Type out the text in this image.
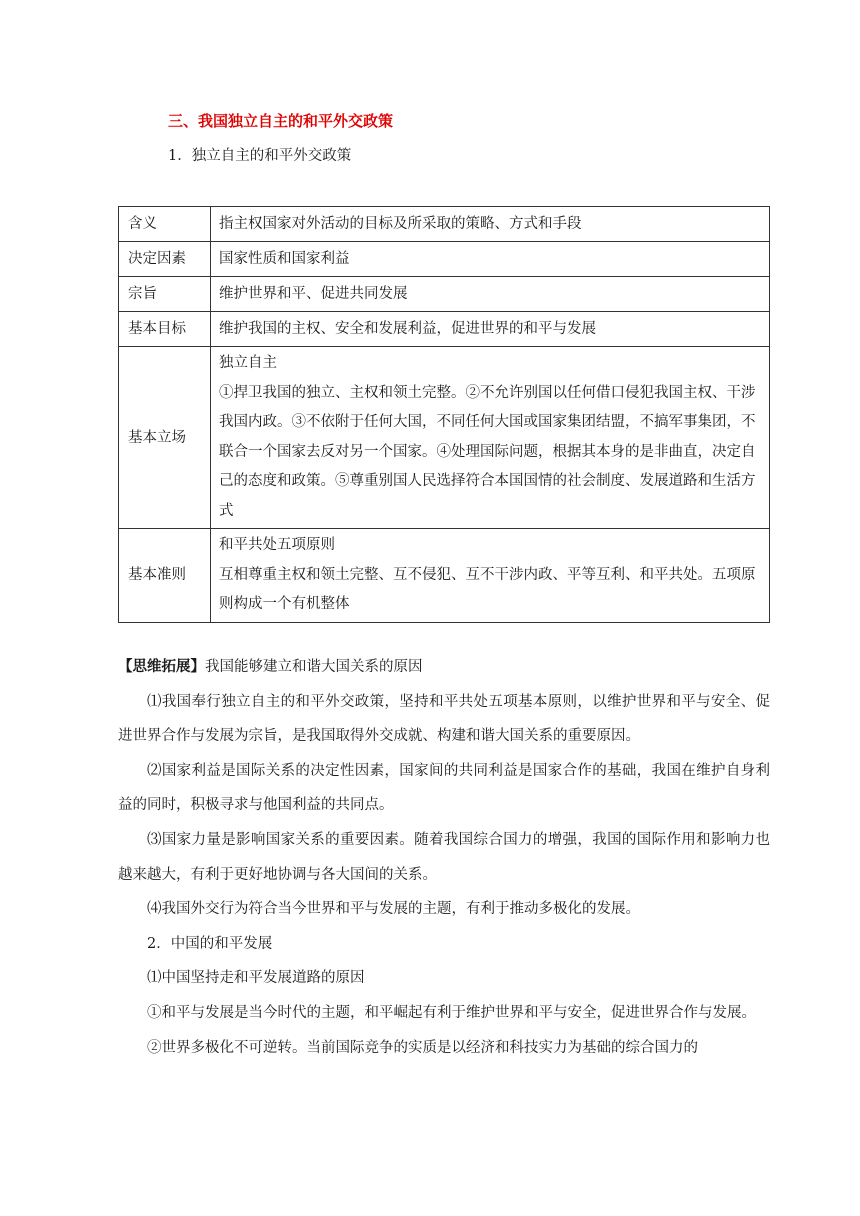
三、我国独立自主的和平外交政策
1．独立自主的和平外交政策
含义	指主权国家对外活动的目标及所采取的策略、方式和手段
决定因素	国家性质和国家利益
宗旨	维护世界和平、促进共同发展
基本目标	维护我国的主权、安全和发展利益，促进世界的和平与发展
基本立场	独立自主
①捍卫我国的独立、主权和领土完整。②不允许别国以任何借口侵犯我国主权、干涉我国内政。③不依附于任何大国，不同任何大国或国家集团结盟，不搞军事集团，不联合一个国家去反对另一个国家。④处理国际问题，根据其本身的是非曲直，决定自己的态度和政策。⑤尊重别国人民选择符合本国国情的社会制度、发展道路和生活方式

基本准则	和平共处五项原则
互相尊重主权和领土完整、互不侵犯、互不干涉内政、平等互利、和平共处。五项原则构成一个有机整体

【思维拓展】我国能够建立和谐大国关系的原因

⑴我国奉行独立自主的和平外交政策，坚持和平共处五项基本原则，以维护世界和平与安全、促进世界合作与发展为宗旨，是我国取得外交成就、构建和谐大国关系的重要原因。

⑵国家利益是国际关系的决定性因素，国家间的共同利益是国家合作的基础，我国在维护自身利益的同时，积极寻求与他国利益的共同点。

⑶国家力量是影响国家关系的重要因素。随着我国综合国力的增强，我国的国际作用和影响力也越来越大，有利于更好地协调与各大国间的关系。

⑷我国外交行为符合当今世界和平与发展的主题，有利于推动多极化的发展。

2．中国的和平发展

⑴中国坚持走和平发展道路的原因

①和平与发展是当今时代的主题，和平崛起有利于维护世界和平与安全，促进世界合作与发展。

②世界多极化不可逆转。当前国际竞争的实质是以经济和科技实力为基础的综合国力的
